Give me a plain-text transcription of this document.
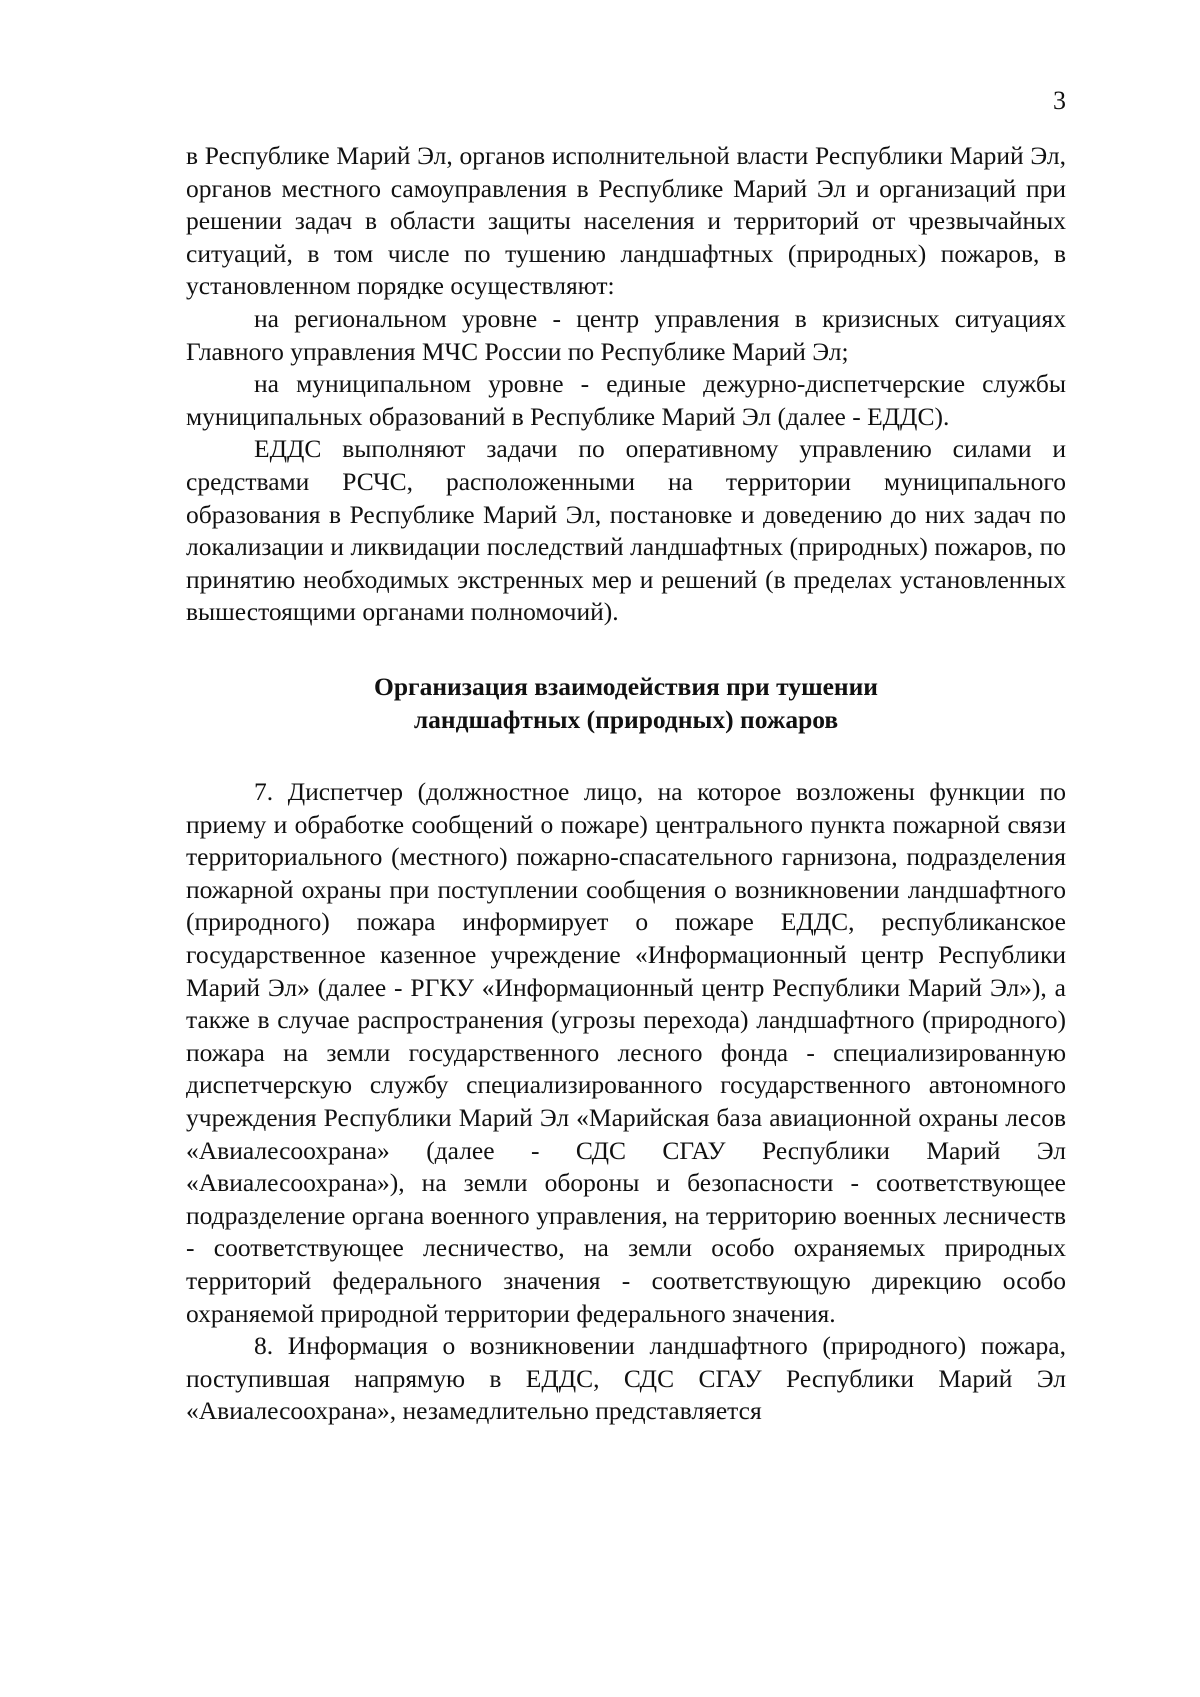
3

в Республике Марий Эл, органов исполнительной власти Республики Марий Эл, органов местного самоуправления в Республике Марий Эл и организаций при решении задач в области защиты населения и территорий от чрезвычайных ситуаций, в том числе по тушению ландшафтных (природных) пожаров, в установленном порядке осуществляют:

на региональном уровне - центр управления в кризисных ситуациях Главного управления МЧС России по Республике Марий Эл;

на муниципальном уровне - единые дежурно-диспетчерские службы муниципальных образований в Республике Марий Эл (далее - ЕДДС).

ЕДДС выполняют задачи по оперативному управлению силами и средствами РСЧС, расположенными на территории муниципального образования в Республике Марий Эл, постановке и доведению до них задач по локализации и ликвидации последствий ландшафтных (природных) пожаров, по принятию необходимых экстренных мер и решений (в пределах установленных вышестоящими органами полномочий).

Организация взаимодействия при тушении
ландшафтных (природных) пожаров

7. Диспетчер (должностное лицо, на которое возложены функции по приему и обработке сообщений о пожаре) центрального пункта пожарной связи территориального (местного) пожарно-спасательного гарнизона, подразделения пожарной охраны при поступлении сообщения о возникновении ландшафтного (природного) пожара информирует о пожаре ЕДДС, республиканское государственное казенное учреждение «Информационный центр Республики Марий Эл» (далее - РГКУ «Информационный центр Республики Марий Эл»), а также в случае распространения (угрозы перехода) ландшафтного (природного) пожара на земли государственного лесного фонда - специализированную диспетчерскую службу специализированного государственного автономного учреждения Республики Марий Эл «Марийская база авиационной охраны лесов «Авиалесоохрана» (далее - СДС СГАУ Республики Марий Эл «Авиалесоохрана»), на земли обороны и безопасности - соответствующее подразделение органа военного управления, на территорию военных лесничеств - соответствующее лесничество, на земли особо охраняемых природных территорий федерального значения - соответствующую дирекцию особо охраняемой природной территории федерального значения.

8. Информация о возникновении ландшафтного (природного) пожара, поступившая напрямую в ЕДДС, СДС СГАУ Республики Марий Эл «Авиалесоохрана», незамедлительно представляется
